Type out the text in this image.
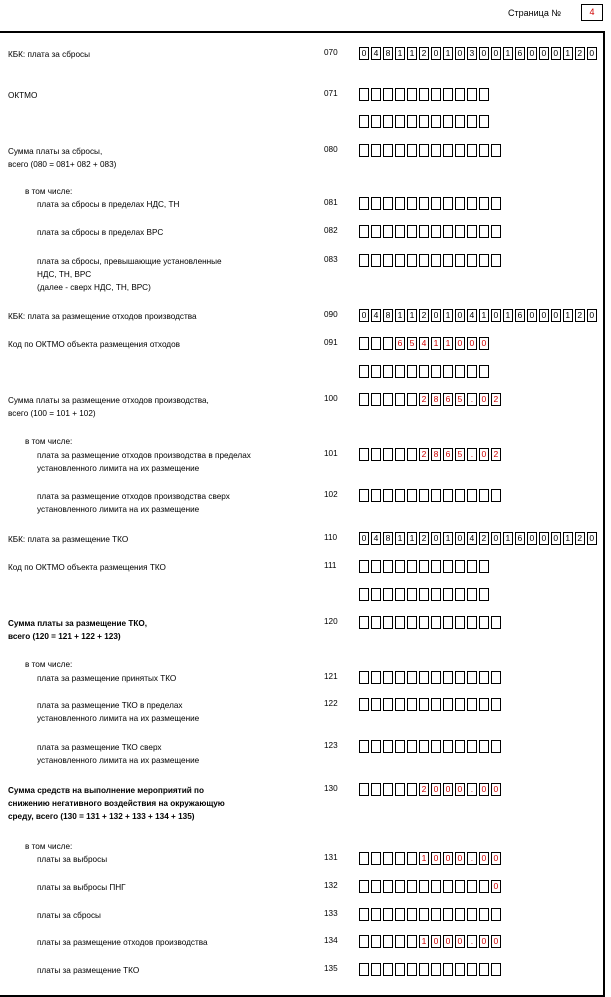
Страница №	4
КБК: плата за сбросы	070	0 4 8 1 1 2 0 1 0 3 0 0 1 6 0 0 0 1 2 0
ОКТМО	071
Сумма платы за сбросы,
всего (080 = 081+ 082 + 083)
080
в том числе:
плата за сбросы в пределах НДС, ТН	081
плата за сбросы в пределах ВРС	082
плата за сбросы, превышающие установленные
НДС, ТН, ВРС
(далее - сверх НДС, ТН, ВРС)
083
КБК: плата за размещение отходов производства	090	0 4 8 1 1 2 0 1 0 4 1 0 1 6 0 0 0 1 2 0
Код по ОКТМО объекта размещения отходов	091	6 5 4 1 1 0 0 0
Сумма платы за размещение отходов производства,
всего (100 = 101 + 102)
100	2 8 6 5 . 0 2
в том числе:
плата за размещение отходов производства в пределах
установленного лимита на их размещение
101	2 8 6 5 . 0 2
плата за размещение отходов производства сверх
установленного лимита на их размещение
102
КБК: плата за размещение ТКО	110	0 4 8 1 1 2 0 1 0 4 2 0 1 6 0 0 0 1 2 0
Код по ОКТМО объекта размещения ТКО	111
Сумма платы за размещение ТКО,
всего (120 = 121 + 122 + 123)
120
в том числе:
плата за размещение принятых ТКО	121
плата за размещение ТКО в пределах
установленного лимита на их размещение
122
плата за размещение ТКО сверх
установленного лимита на их размещение
123
Сумма средств на выполнение мероприятий по
снижению негативного воздействия на окружающую
среду, всего (130 = 131 + 132 + 133 + 134 + 135)
130	2 0 0 0 . 0 0
в том числе:
платы за выбросы	131	1 0 0 0 . 0 0
платы за выбросы ПНГ	132	0
платы за сбросы	133
платы за размещение отходов производства	134	1 0 0 0 . 0 0
платы за размещение ТКО	135
